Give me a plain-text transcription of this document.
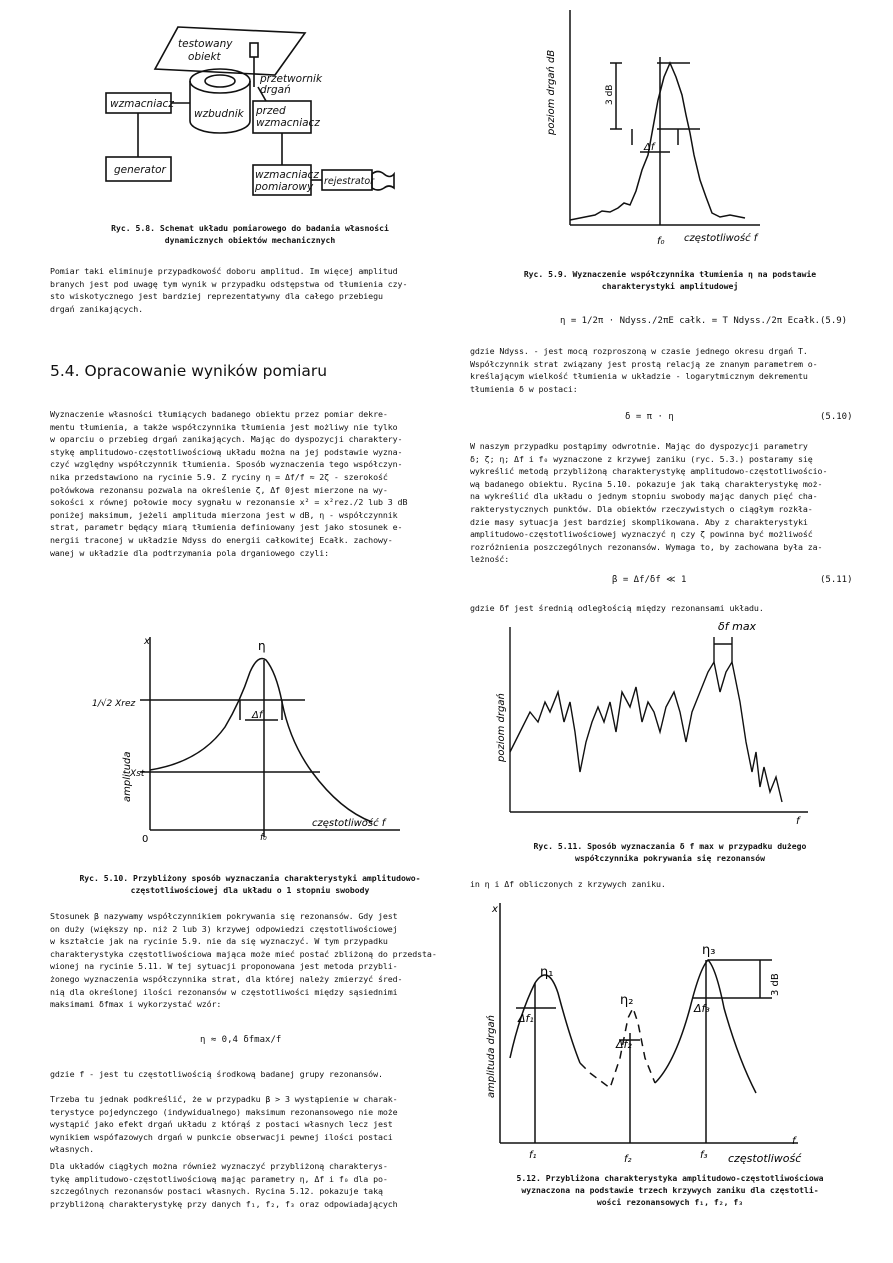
testowany
obiekt
przetwornik
drgań
wzmacniacz
wzbudnik przed
wzmacniacz
generator	wzmacniacz
pomiarowy rejestrator
Ryc. 5.8. Schemat układu pomiarowego do badania własności
dynamicznych obiektów mechanicznych

Pomiar taki eliminuje przypadkowość doboru amplitud. Im więcej amplitud

branych jest pod uwagę tym wynik w przypadku odstępstwa od tłumienia czy-

sto wiskotycznego jest bardziej reprezentatywny dla całego przebiegu

drgań zanikających.

5.4. Opracowanie wyników pomiaru

Wyznaczenie własności tłumiących badanego obiektu przez pomiar dekre-

mentu tłumienia, a także współczynnika tłumienia jest możliwy nie tylko

w oparciu o przebieg drgań zanikających. Mając do dyspozycji charaktery-

stykę amplitudowo-częstotliwościową układu można na jej podstawie wyzna-

czyć względny współczynnik tłumienia. Sposób wyznaczenia tego współczyn-

nika przedstawiono na rycinie 5.9. Z ryciny η = Δf/f ≈ 2ζ - szerokość

połówkowa rezonansu pozwala na określenie ζ, Δf 0jest mierzone na wy-

sokości x równej połowie mocy sygnału w rezonansie x² = x²rez./2 lub 3 dB

poniżej maksimum, jeżeli amplituda mierzona jest w dB, η - współczynnik

strat, parametr będący miarą tłumienia definiowany jest jako stosunek e-

nergii traconej w układzie Ndyss do energii całkowitej Ecałk. zachowy-

wanej w układzie dla podtrzymania pola drganiowego czyli:

poziom drgań dB	3 dB
Δf
f₀ częstotliwość f
Ryc. 5.9. Wyznaczenie współczynnika tłumienia η na podstawie
charakterystyki amplitudowej
η = 1/2π · Ndyss./2πE całk. = T Ndyss./2π Ecałk. (5.9)

gdzie Ndyss. - jest mocą rozproszoną w czasie jednego okresu drgań T.

Współczynnik strat związany jest prostą relacją ze znanym parametrem o-

kreślającym wielkość tłumienia w układzie - logarytmicznym dekrementu

tłumienia δ w postaci:

δ = π · η	(5.10)

W naszym przypadku postąpimy odwrotnie. Mając do dyspozycji parametry

δ; ζ; η; Δf i f₀ wyznaczone z krzywej zaniku (ryc. 5.3.) postaramy się

wykreślić metodą przybliżoną charakterystykę amplitudowo-częstotliwościo-

wą badanego obiektu. Rycina 5.10. pokazuje jak taką charakterystykę moż-

na wykreślić dla układu o jednym stopniu swobody mając danych pięć cha-

rakterystycznych punktów. Dla obiektów rzeczywistych o ciągłym rozkła-

dzie masy sytuacja jest bardziej skomplikowana. Aby z charakterystyki

amplitudowo-częstotliwościowej wyznaczyć η czy ζ powinna być możliwość

rozróżnienia poszczególnych rezonansów. Wymaga to, by zachowana była za-

leżność:

β = Δf/δf ≪ 1	(5.11)

gdzie δf jest średnią odległością między rezonansami układu.

x	η
1/√2 Xrez
Xst
Δf
amplituda
0	f₀
częstotliwość f
Ryc. 5.10. Przybliżony sposób wyznaczania charakterystyki amplitudowo-
częstotliwościowej dla układu o 1 stopniu swobody
δf max
poziom drgań
f
Ryc. 5.11. Sposób wyznaczania δ f max w przypadku dużego
współczynnika pokrywania się rezonansów

in η i Δf obliczonych z krzywych zaniku.

Stosunek β nazywamy współczynnikiem pokrywania się rezonansów. Gdy jest

on duży (większy np. niż 2 lub 3) krzywej odpowiedzi częstotliwościowej

w kształcie jak na rycinie 5.9. nie da się wyznaczyć. W tym przypadku

charakterystyka częstotliwościowa mająca może mieć postać zbliżoną do przedsta-

wionej na rycinie 5.11. W tej sytuacji proponowana jest metoda przybli-

żonego wyznaczenia współczynnika strat, dla której należy zmierzyć śred-

nią dla określonej ilości rezonansów w częstotliwości między sąsiednimi

maksimami δfmax i wykorzystać wzór:

η ≈ 0,4 δfmax/f

gdzie f - jest tu częstotliwością środkową badanej grupy rezonansów.

Trzeba tu jednak podkreślić, że w przypadku β > 3 wystąpienie w charak-

terystyce pojedynczego (indywidualnego) maksimum rezonansowego nie może

wystąpić jako efekt drgań układu z którąś z postaci własnych lecz jest

wynikiem wspófazowych drgań w punkcie obserwacji pewnej ilości postaci

własnych.

Dla układów ciągłych można również wyznaczyć przybliżoną charakterys-

tykę amplitudowo-częstotliwościową mając parametry η, Δf i f₀ dla po-

szczególnych rezonansów postaci własnych. Rycina 5.12. pokazuje taką

przybliżoną charakterystykę przy danych f₁, f₂, f₃ oraz odpowiadających

x
amplituda drgań
η₁
η₂
η₃
Δf₁
Δf₂
Δf₃
3 dB
f₁	f₂	f₃ częstotliwość
f
5.12. Przybliżona charakterystyka amplitudowo-częstotliwościowa
wyznaczona na podstawie trzech krzywych zaniku dla częstotli-
wości rezonansowych f₁, f₂, f₃
